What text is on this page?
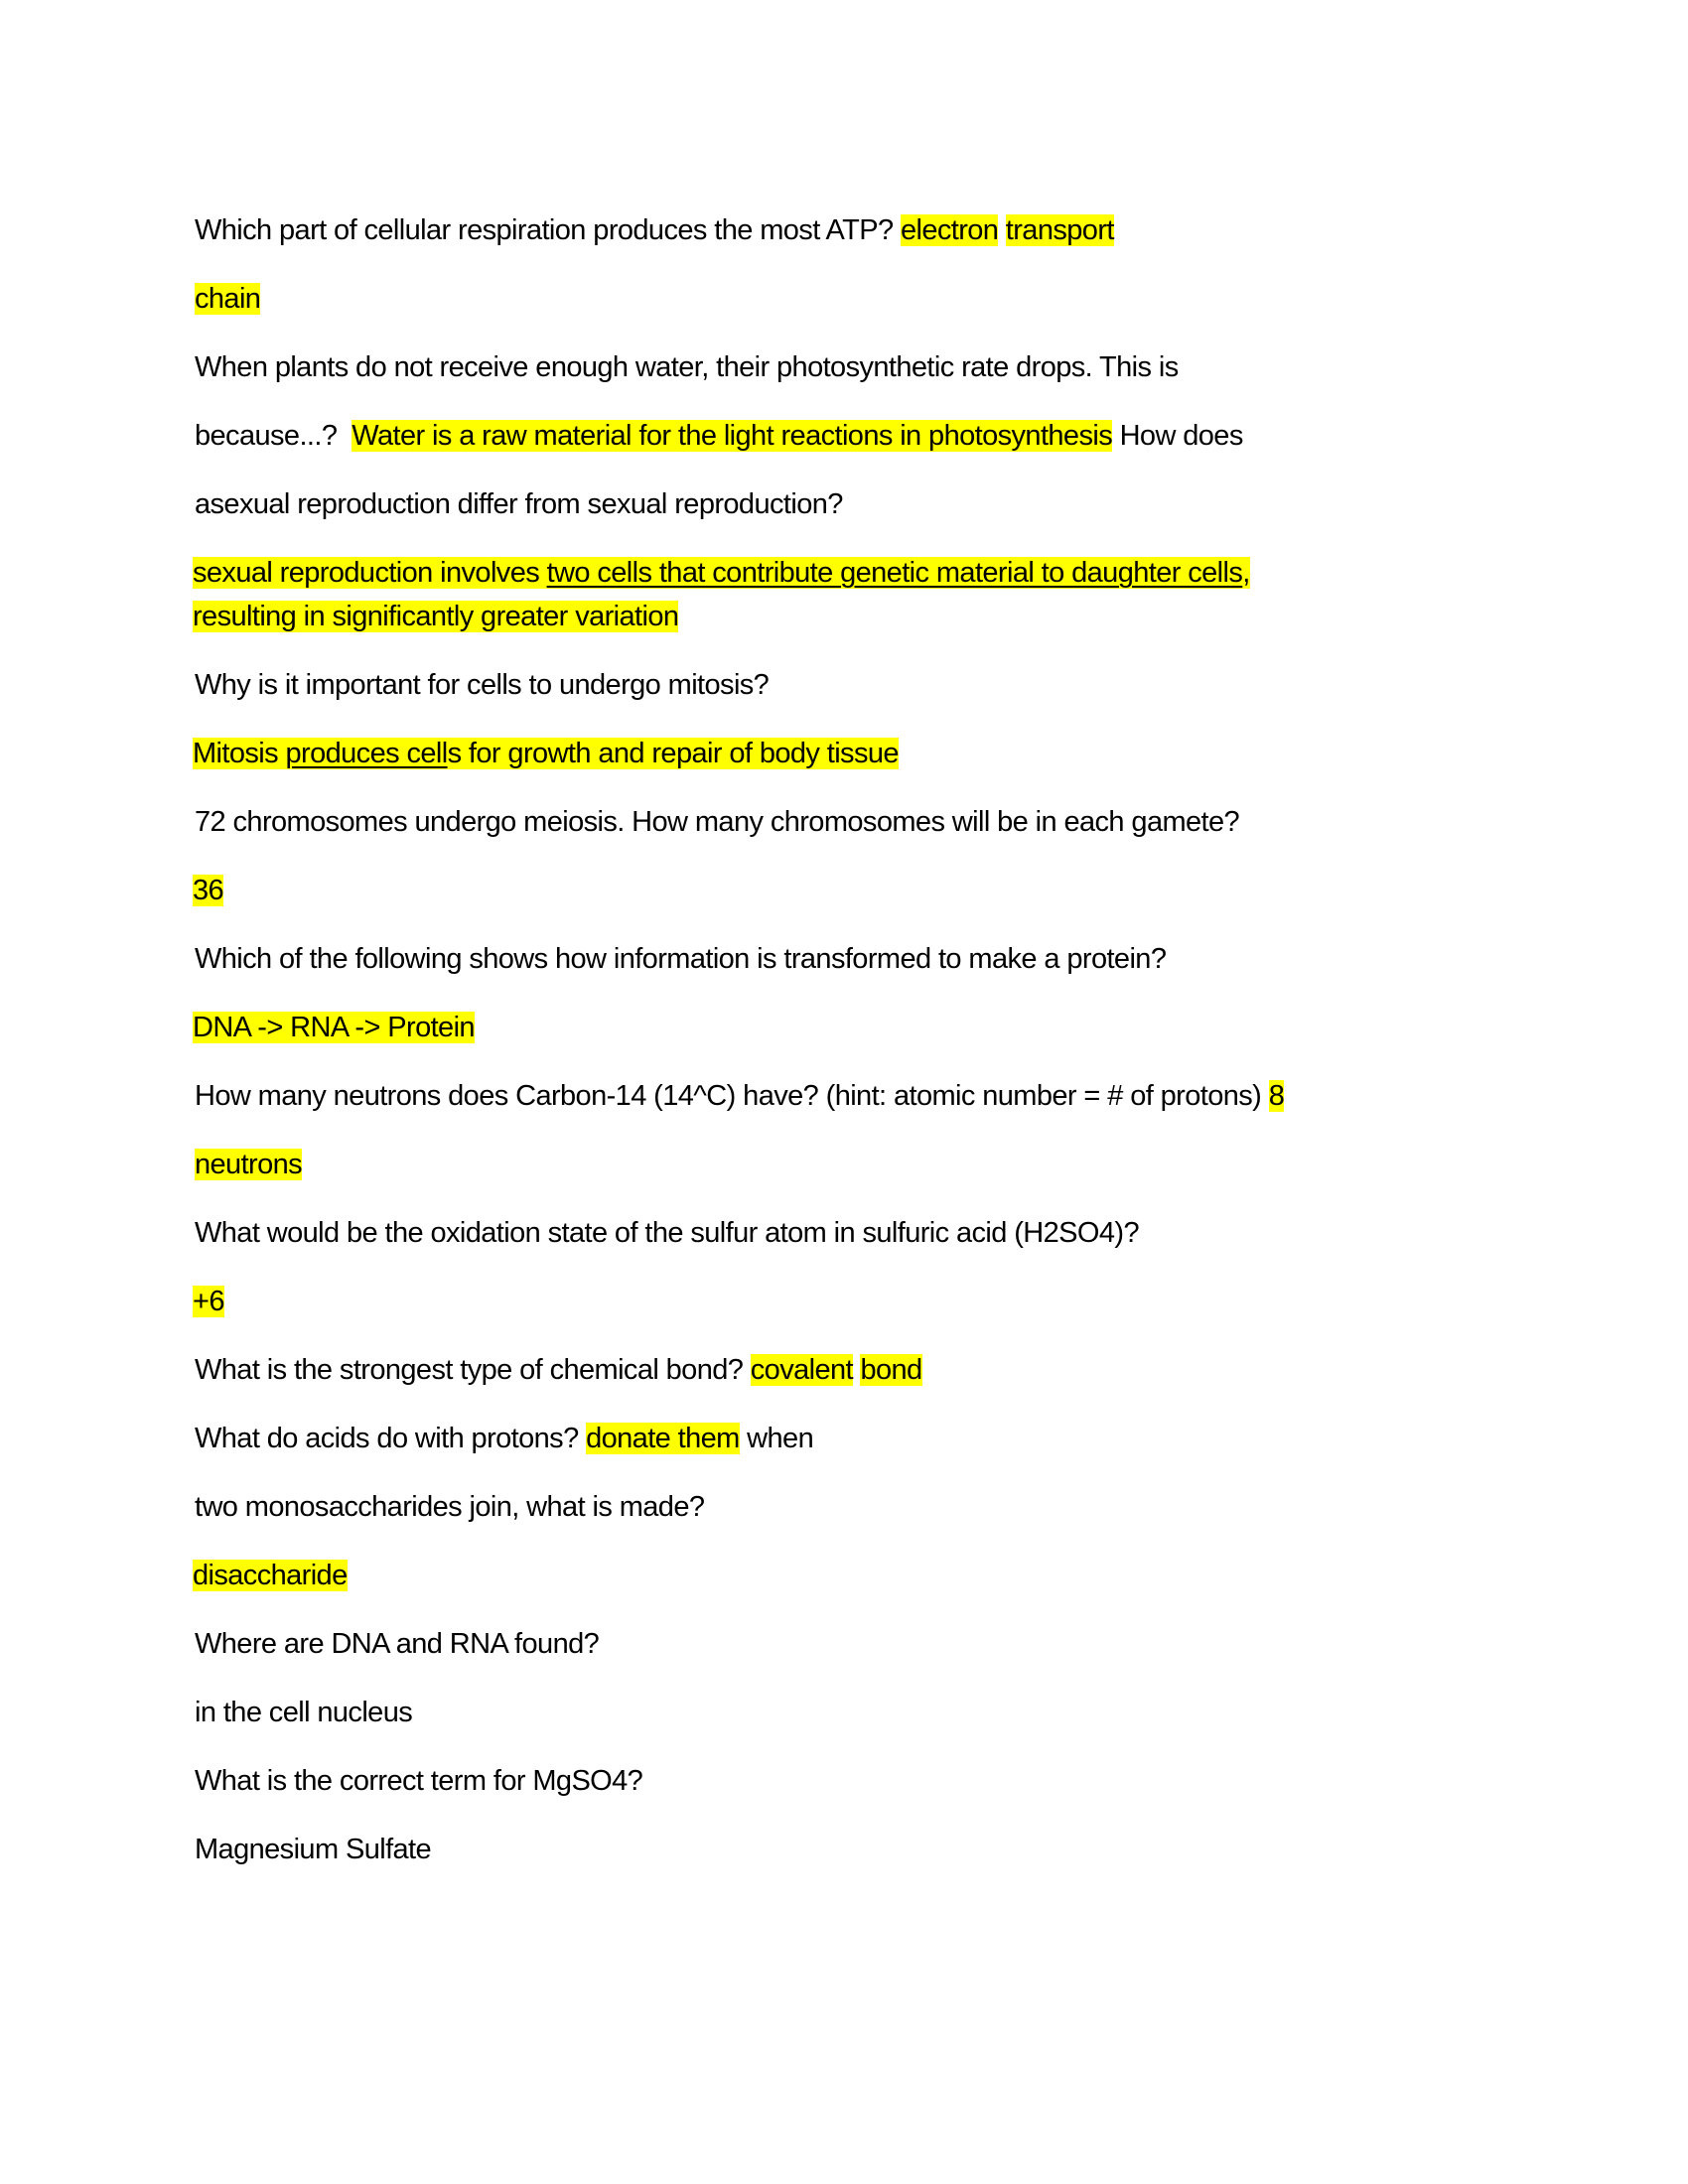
Which part of cellular respiration produces the most ATP? electron transport
chain
When plants do not receive enough water, their photosynthetic rate drops. This is
because...?  Water is a raw material for the light reactions in photosynthesis How does
asexual reproduction differ from sexual reproduction?
sexual reproduction involves two cells that contribute genetic material to daughter cells,
resulting in significantly greater variation
Why is it important for cells to undergo mitosis?
Mitosis produces cells for growth and repair of body tissue
72 chromosomes undergo meiosis. How many chromosomes will be in each gamete?
36
Which of the following shows how information is transformed to make a protein?
DNA -> RNA -> Protein
How many neutrons does Carbon-14 (14^C) have? (hint: atomic number = # of protons) 8
neutrons
What would be the oxidation state of the sulfur atom in sulfuric acid (H2SO4)?
+6
What is the strongest type of chemical bond? covalent bond
What do acids do with protons? donate them when
two monosaccharides join, what is made?
disaccharide
Where are DNA and RNA found?
in the cell nucleus
What is the correct term for MgSO4?
Magnesium Sulfate
